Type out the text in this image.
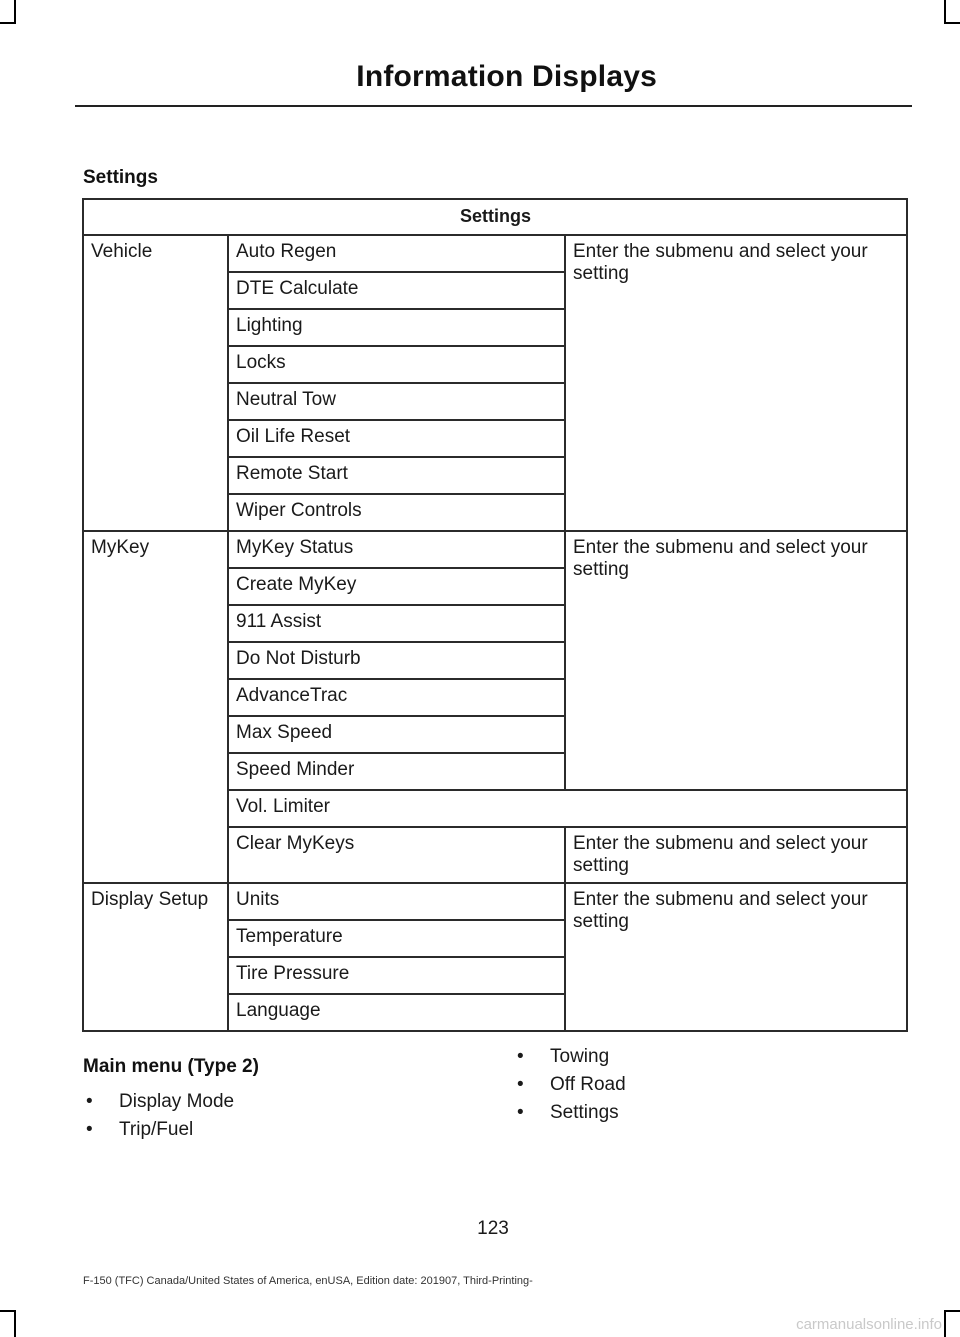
Information Displays
Settings
Settings		
Vehicle	Auto Regen	Enter the submenu and select your setting
	DTE Calculate	
	Lighting	
	Locks	
	Neutral Tow	
	Oil Life Reset	
	Remote Start	
	Wiper Controls	
MyKey	MyKey Status	Enter the submenu and select your setting
	Create MyKey	
	911 Assist	
	Do Not Disturb	
	AdvanceTrac	
	Max Speed	
	Speed Minder	
	Vol. Limiter	
	Clear MyKeys	Enter the submenu and select your setting
Display Setup	Units	Enter the submenu and select your setting
	Temperature	
	Tire Pressure	
	Language	
Main menu (Type 2)
• Display Mode
• Trip/Fuel
• Towing
• Off Road
• Settings
123
F-150 (TFC) Canada/United States of America, enUSA, Edition date: 201907, Third-Printing-
carmanualsonline.info
